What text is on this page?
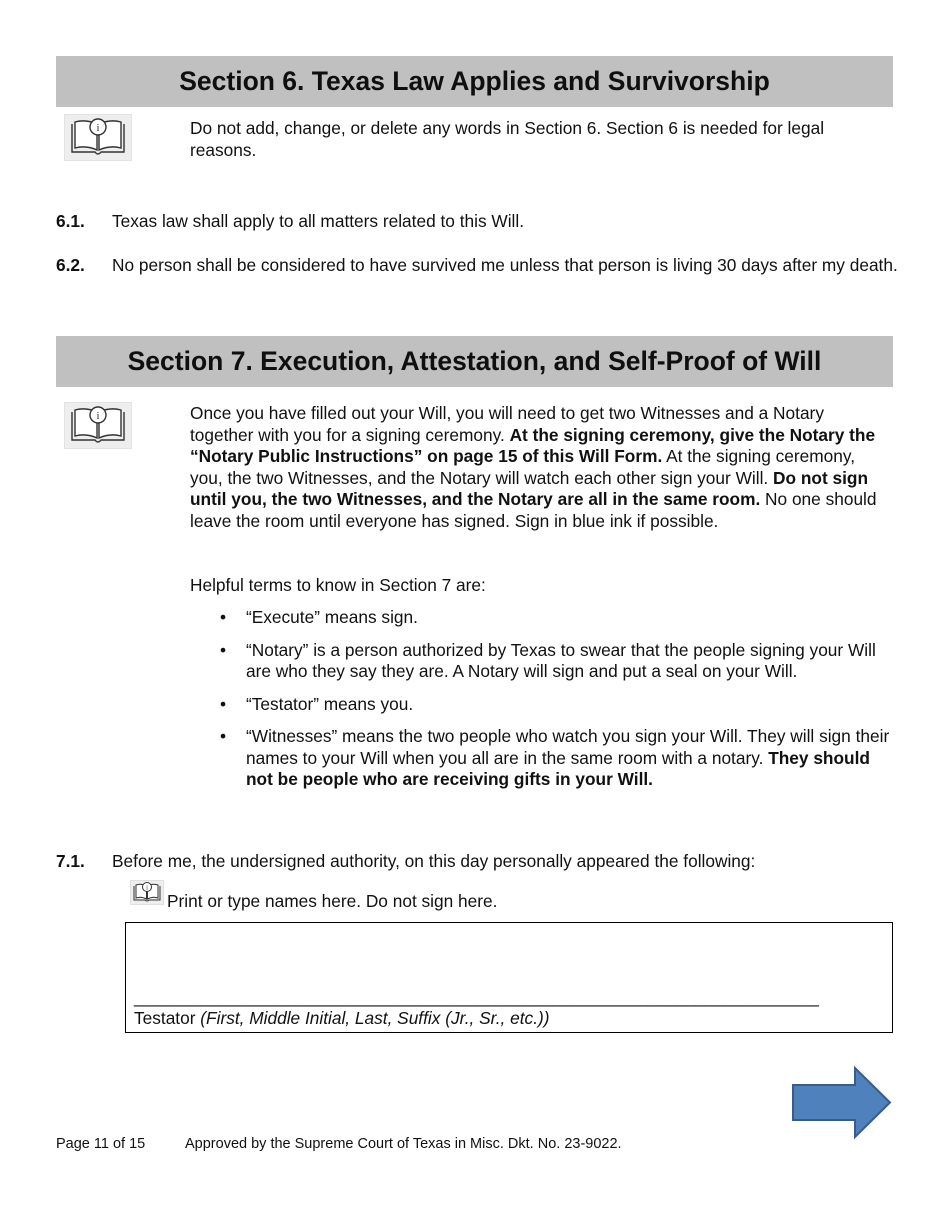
Section 6. Texas Law Applies and Survivorship
i	Do not add, change, or delete any words in Section 6. Section 6 is needed for legal reasons.
6.1. Texas law shall apply to all matters related to this Will.
6.2. No person shall be considered to have survived me unless that person is living 30 days after my death.
Section 7. Execution, Attestation, and Self-Proof of Will
i	Once you have filled out your Will, you will need to get two Witnesses and a Notary together with you for a signing ceremony. At the signing ceremony, give the Notary the “Notary Public Instructions” on page 15 of this Will Form. At the signing ceremony, you, the two Witnesses, and the Notary will watch each other sign your Will. Do not sign until you, the two Witnesses, and the Notary are all in the same room. No one should leave the room until everyone has signed. Sign in blue ink if possible.
Helpful terms to know in Section 7 are:
• “Execute” means sign.
• “Notary” is a person authorized by Texas to swear that the people signing your Will are who they say they are. A Notary will sign and put a seal on your Will.
• “Testator” means you.
• “Witnesses” means the two people who watch you sign your Will. They will sign their names to your Will when you all are in the same room with a notary. They should not be people who are receiving gifts in your Will.
7.1. Before me, the undersigned authority, on this day personally appeared the following:
i
Print or type names here. Do not sign here.
________________________________________________________________________
Testator (First, Middle Initial, Last, Suffix (Jr., Sr., etc.))
Page 11 of 15	Approved by the Supreme Court of Texas in Misc. Dkt. No. 23-9022.
